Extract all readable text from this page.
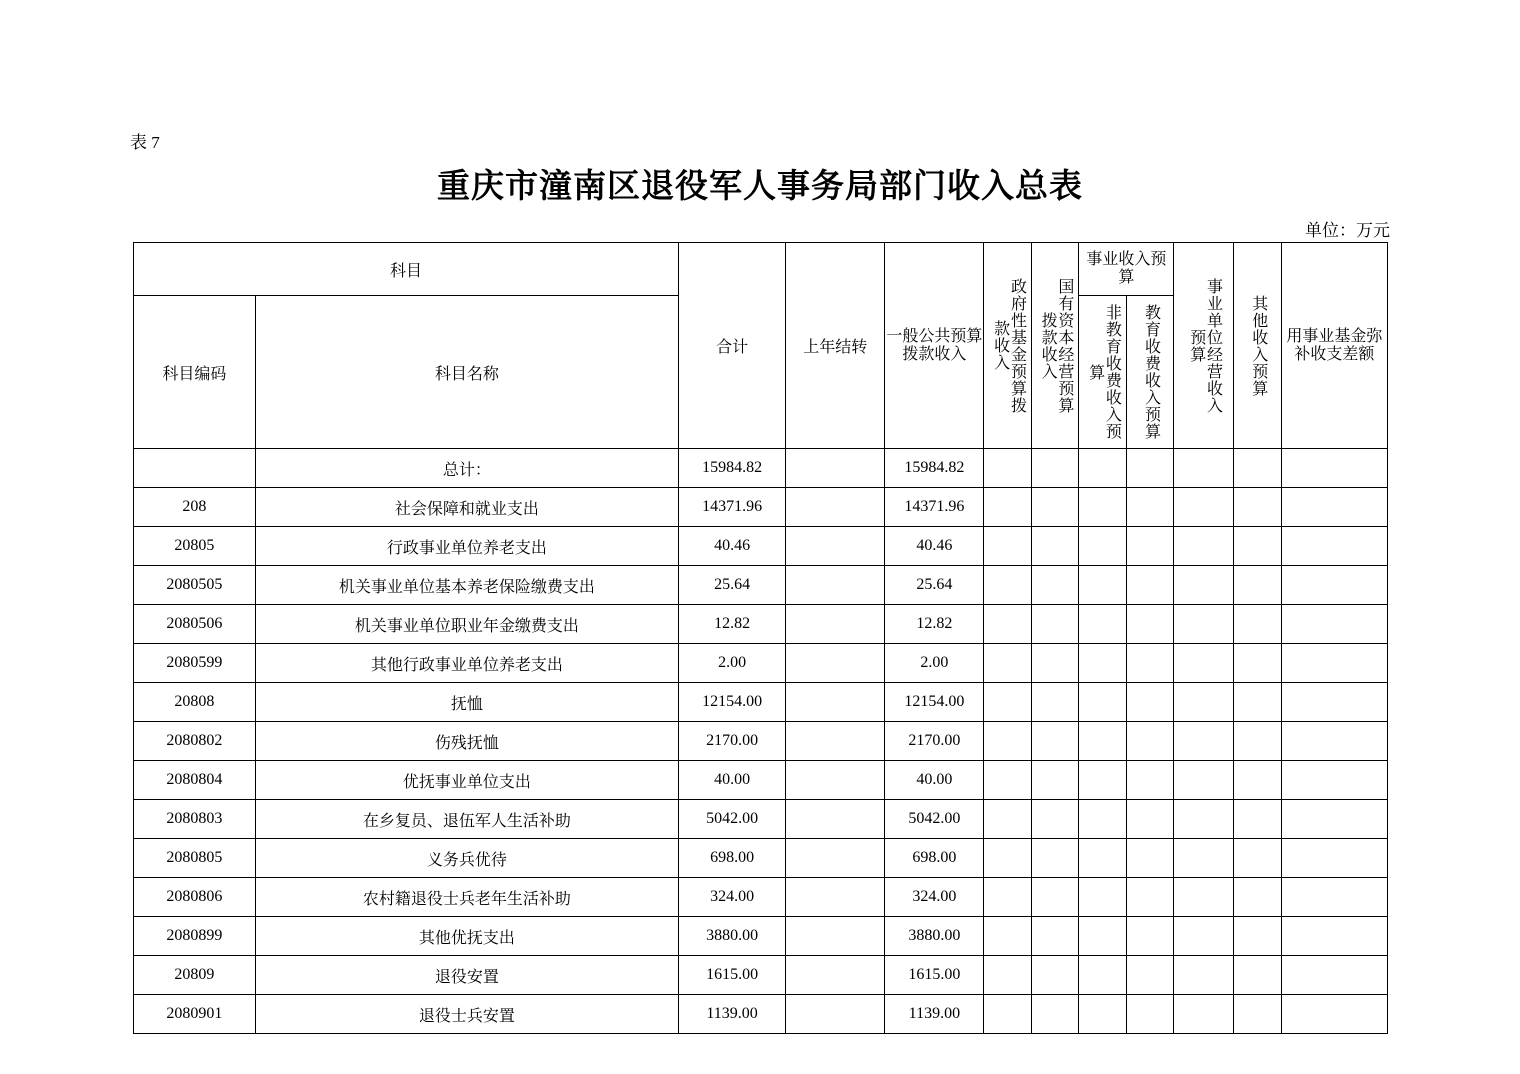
表 7
重庆市潼南区退役军人事务局部门收入总表
单位：万元
科目		合计	上年结转	一般公共预算拨款收入	政府性基金预算拨款收入	国有资本经营预算拨款收入	事业收入预算		事业单位经营收入预算	其他收入预算	用事业基金弥补收支差额
科目编码	科目名称						非教育收费收入预算	教育收费收入预算			

	总计：	15984.82		15984.82							
208	社会保障和就业支出	14371.96		14371.96							
20805	行政事业单位养老支出	40.46		40.46							
2080505	机关事业单位基本养老保险缴费支出	25.64		25.64							
2080506	机关事业单位职业年金缴费支出	12.82		12.82							
2080599	其他行政事业单位养老支出	2.00		2.00							
20808	抚恤	12154.00		12154.00							
2080802	伤残抚恤	2170.00		2170.00							
2080804	优抚事业单位支出	40.00		40.00							
2080803	在乡复员、退伍军人生活补助	5042.00		5042.00							
2080805	义务兵优待	698.00		698.00							
2080806	农村籍退役士兵老年生活补助	324.00		324.00							
2080899	其他优抚支出	3880.00		3880.00							
20809	退役安置	1615.00		1615.00							
2080901	退役士兵安置	1139.00		1139.00							
